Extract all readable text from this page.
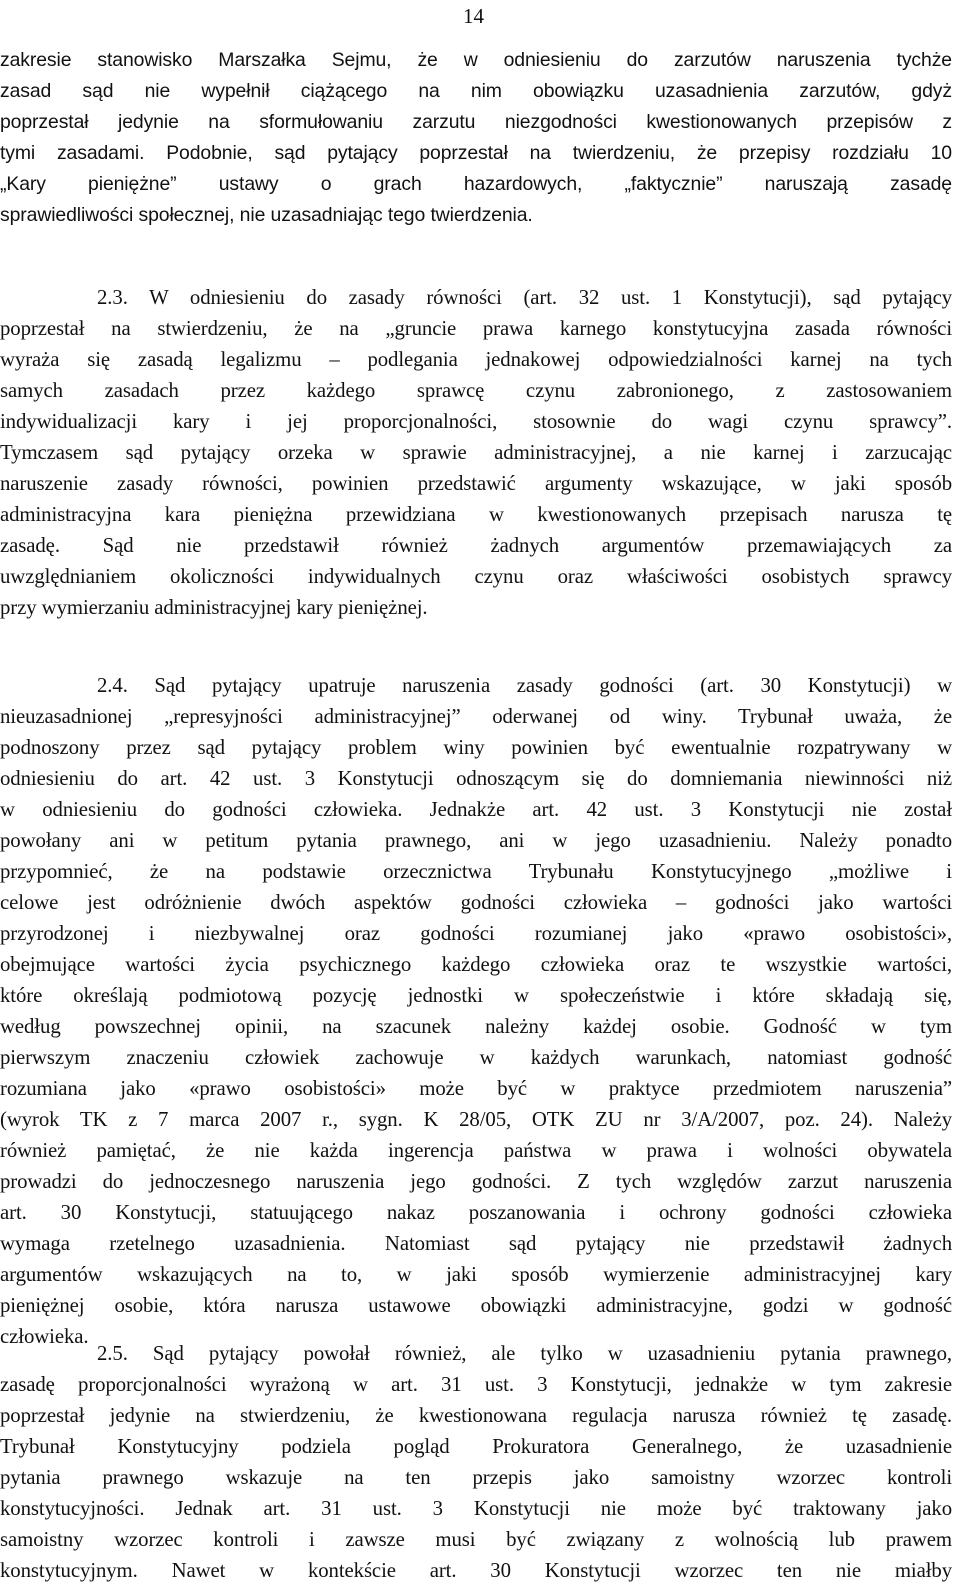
14
zakresie stanowisko Marszałka Sejmu, że w odniesieniu do zarzutów naruszenia tychże
zasad sąd nie wypełnił ciążącego na nim obowiązku uzasadnienia zarzutów, gdyż
poprzestał jedynie na sformułowaniu zarzutu niezgodności kwestionowanych przepisów z
tymi zasadami. Podobnie, sąd pytający poprzestał na twierdzeniu, że przepisy rozdziału 10
„Kary pieniężne” ustawy o grach hazardowych, „faktycznie” naruszają zasadę
sprawiedliwości społecznej, nie uzasadniając tego twierdzenia.
2.3. W odniesieniu do zasady równości (art. 32 ust. 1 Konstytucji), sąd pytający
poprzestał na stwierdzeniu, że na „gruncie prawa karnego konstytucyjna zasada równości
wyraża się zasadą legalizmu – podlegania jednakowej odpowiedzialności karnej na tych
samych zasadach przez każdego sprawcę czynu zabronionego, z zastosowaniem
indywidualizacji kary i jej proporcjonalności, stosownie do wagi czynu sprawcy”.
Tymczasem sąd pytający orzeka w sprawie administracyjnej, a nie karnej i zarzucając
naruszenie zasady równości, powinien przedstawić argumenty wskazujące, w jaki sposób
administracyjna kara pieniężna przewidziana w kwestionowanych przepisach narusza tę
zasadę. Sąd nie przedstawił również żadnych argumentów przemawiających za
uwzględnianiem okoliczności indywidualnych czynu oraz właściwości osobistych sprawcy
przy wymierzaniu administracyjnej kary pieniężnej.
2.4. Sąd pytający upatruje naruszenia zasady godności (art. 30 Konstytucji) w
nieuzasadnionej „represyjności administracyjnej” oderwanej od winy. Trybunał uważa, że
podnoszony przez sąd pytający problem winy powinien być ewentualnie rozpatrywany w
odniesieniu do art. 42 ust. 3 Konstytucji odnoszącym się do domniemania niewinności niż
w odniesieniu do godności człowieka. Jednakże art. 42 ust. 3 Konstytucji nie został
powołany ani w petitum pytania prawnego, ani w jego uzasadnieniu. Należy ponadto
przypomnieć, że na podstawie orzecznictwa Trybunału Konstytucyjnego „możliwe i
celowe jest odróżnienie dwóch aspektów godności człowieka – godności jako wartości
przyrodzonej i niezbywalnej oraz godności rozumianej jako «prawo osobistości»,
obejmujące wartości życia psychicznego każdego człowieka oraz te wszystkie wartości,
które określają podmiotową pozycję jednostki w społeczeństwie i które składają się,
według powszechnej opinii, na szacunek należny każdej osobie. Godność w tym
pierwszym znaczeniu człowiek zachowuje w każdych warunkach, natomiast godność
rozumiana jako «prawo osobistości» może być w praktyce przedmiotem naruszenia”
(wyrok TK z 7 marca 2007 r., sygn. K 28/05, OTK ZU nr 3/A/2007, poz. 24). Należy
również pamiętać, że nie każda ingerencja państwa w prawa i wolności obywatela
prowadzi do jednoczesnego naruszenia jego godności. Z tych względów zarzut naruszenia
art. 30 Konstytucji, statuującego nakaz poszanowania i ochrony godności człowieka
wymaga rzetelnego uzasadnienia. Natomiast sąd pytający nie przedstawił żadnych
argumentów wskazujących na to, w jaki sposób wymierzenie administracyjnej kary
pieniężnej osobie, która narusza ustawowe obowiązki administracyjne, godzi w godność
człowieka.
2.5. Sąd pytający powołał również, ale tylko w uzasadnieniu pytania prawnego,
zasadę proporcjonalności wyrażoną w art. 31 ust. 3 Konstytucji, jednakże w tym zakresie
poprzestał jedynie na stwierdzeniu, że kwestionowana regulacja narusza również tę zasadę.
Trybunał Konstytucyjny podziela pogląd Prokuratora Generalnego, że uzasadnienie
pytania prawnego wskazuje na ten przepis jako samoistny wzorzec kontroli
konstytucyjności. Jednak art. 31 ust. 3 Konstytucji nie może być traktowany jako
samoistny wzorzec kontroli i zawsze musi być związany z wolnością lub prawem
konstytucyjnym. Nawet w kontekście art. 30 Konstytucji wzorzec ten nie miałby
